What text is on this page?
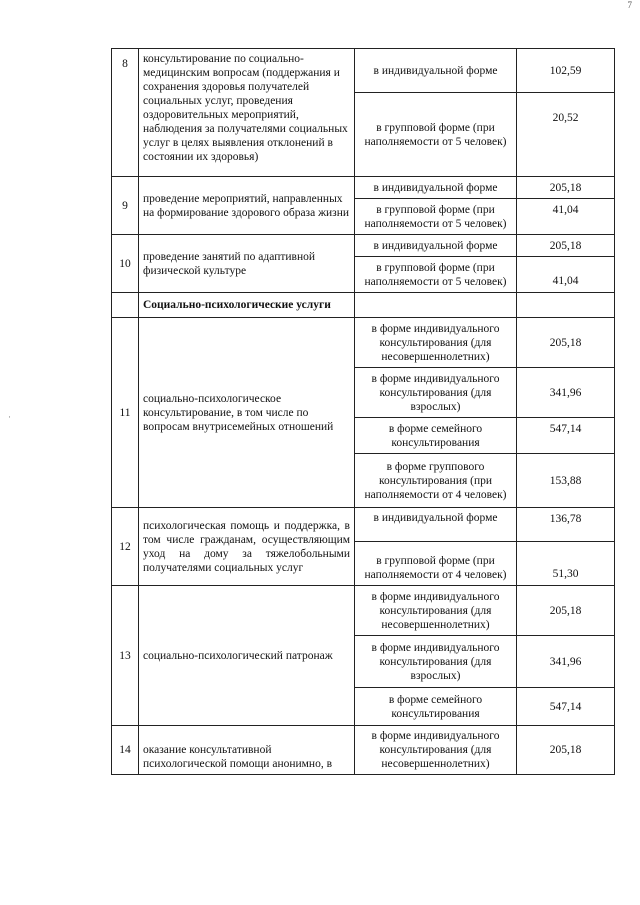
7
·
8	консультирование по социально-медицинским вопросам (поддержания и сохранения здоровья получателей социальных услуг, проведения оздоровительных мероприятий, наблюдения за получателями социальных услуг в целях выявления отклонений в состоянии их здоровья)	в индивидуальной форме	102,59
		в групповой форме (при наполняемости от 5 человек)	20,52
9	проведение мероприятий, направленных на формирование здорового образа жизни	в индивидуальной форме	205,18
		в групповой форме (при наполняемости от 5 человек)	41,04
10	проведение занятий по адаптивной физической культуре	в индивидуальной форме	205,18
		в групповой форме (при наполняемости от 5 человек)	41,04
	Социально-психологические услуги		
11	социально-психологическое консультирование, в том числе по вопросам внутрисемейных отношений	в форме индивидуального консультирования (для несовершеннолетних)	205,18
		в форме индивидуального консультирования (для взрослых)	341,96
		в форме семейного консультирования	547,14
		в форме группового консультирования (при наполняемости от 4 человек)	153,88
12	психологическая помощь и поддержка, в том числе гражданам, осуществляющим уход на дому за тяжелобольными получателями социальных услуг	в индивидуальной форме	136,78
		в групповой форме (при наполняемости от 4 человек)	51,30
13	социально-психологический патронаж	в форме индивидуального консультирования (для несовершеннолетних)	205,18
		в форме индивидуального консультирования (для взрослых)	341,96
		в форме семейного консультирования	547,14
14	оказание консультативной психологической помощи анонимно, в	в форме индивидуального консультирования (для несовершеннолетних)	205,18
